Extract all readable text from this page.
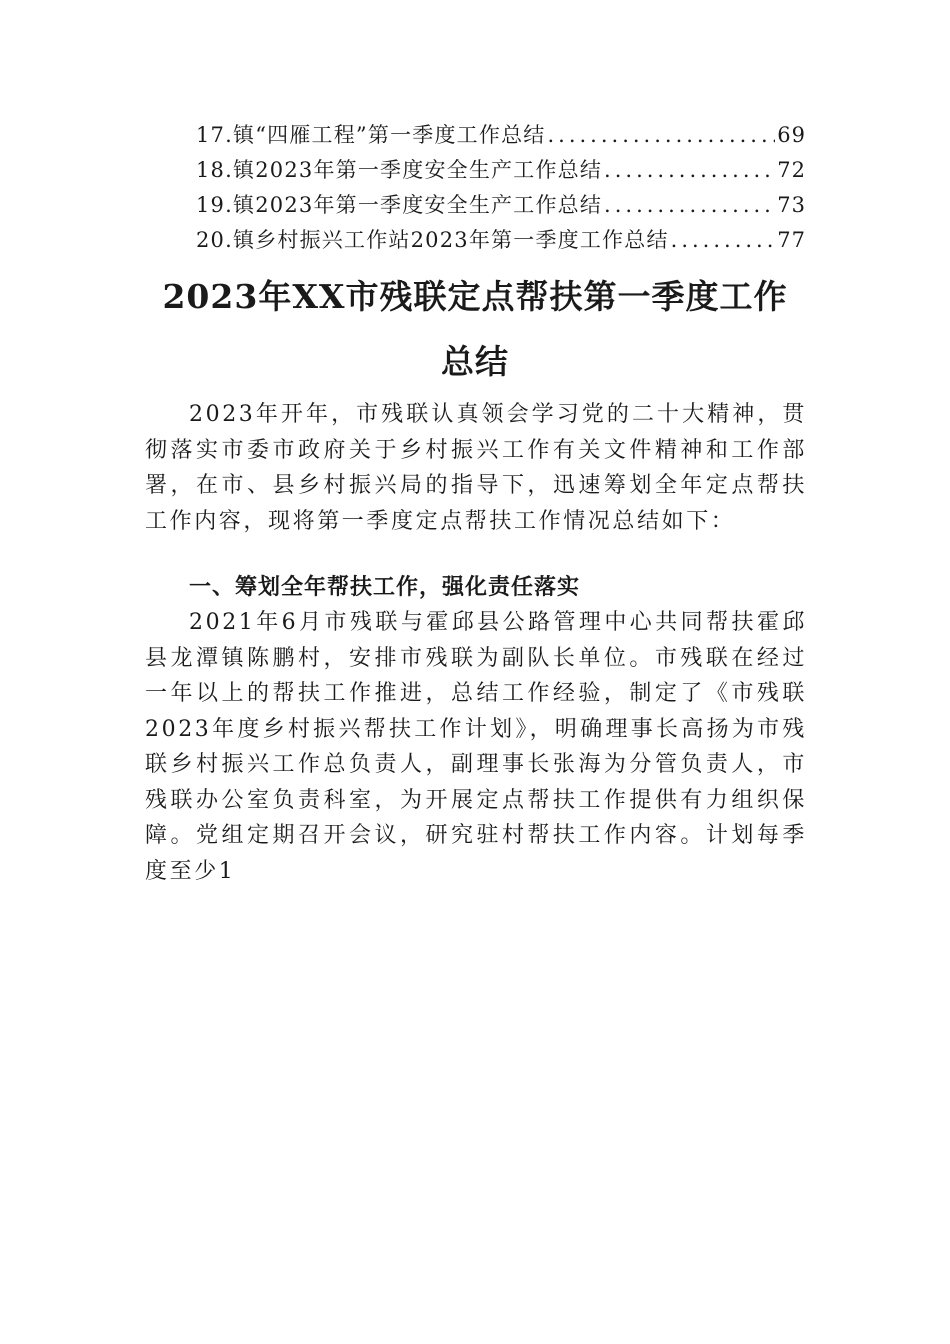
17.镇“四雁工程”第一季度工作总结 .....	69
18.镇2023年第一季度安全生产工作总结 .....	72
19.镇2023年第一季度安全生产工作总结 .....	73
20.镇乡村振兴工作站2023年第一季度工作总结 .....	77
2023年XX市残联定点帮扶第一季度工作
总结

2023年开年，市残联认真领会学习党的二十大精神，贯彻落实市委市政府关于乡村振兴工作有关文件精神和工作部署，在市、县乡村振兴局的指导下，迅速筹划全年定点帮扶工作内容，现将第一季度定点帮扶工作情况总结如下：

一、筹划全年帮扶工作，强化责任落实

2021年6月市残联与霍邱县公路管理中心共同帮扶霍邱县龙潭镇陈鹏村，安排市残联为副队长单位。市残联在经过一年以上的帮扶工作推进，总结工作经验，制定了《市残联2023年度乡村振兴帮扶工作计划》，明确理事长高扬为市残联乡村振兴工作总负责人，副理事长张海为分管负责人，市残联办公室负责科室，为开展定点帮扶工作提供有力组织保障。党组定期召开会议，研究驻村帮扶工作内容。计划每季度至少1
